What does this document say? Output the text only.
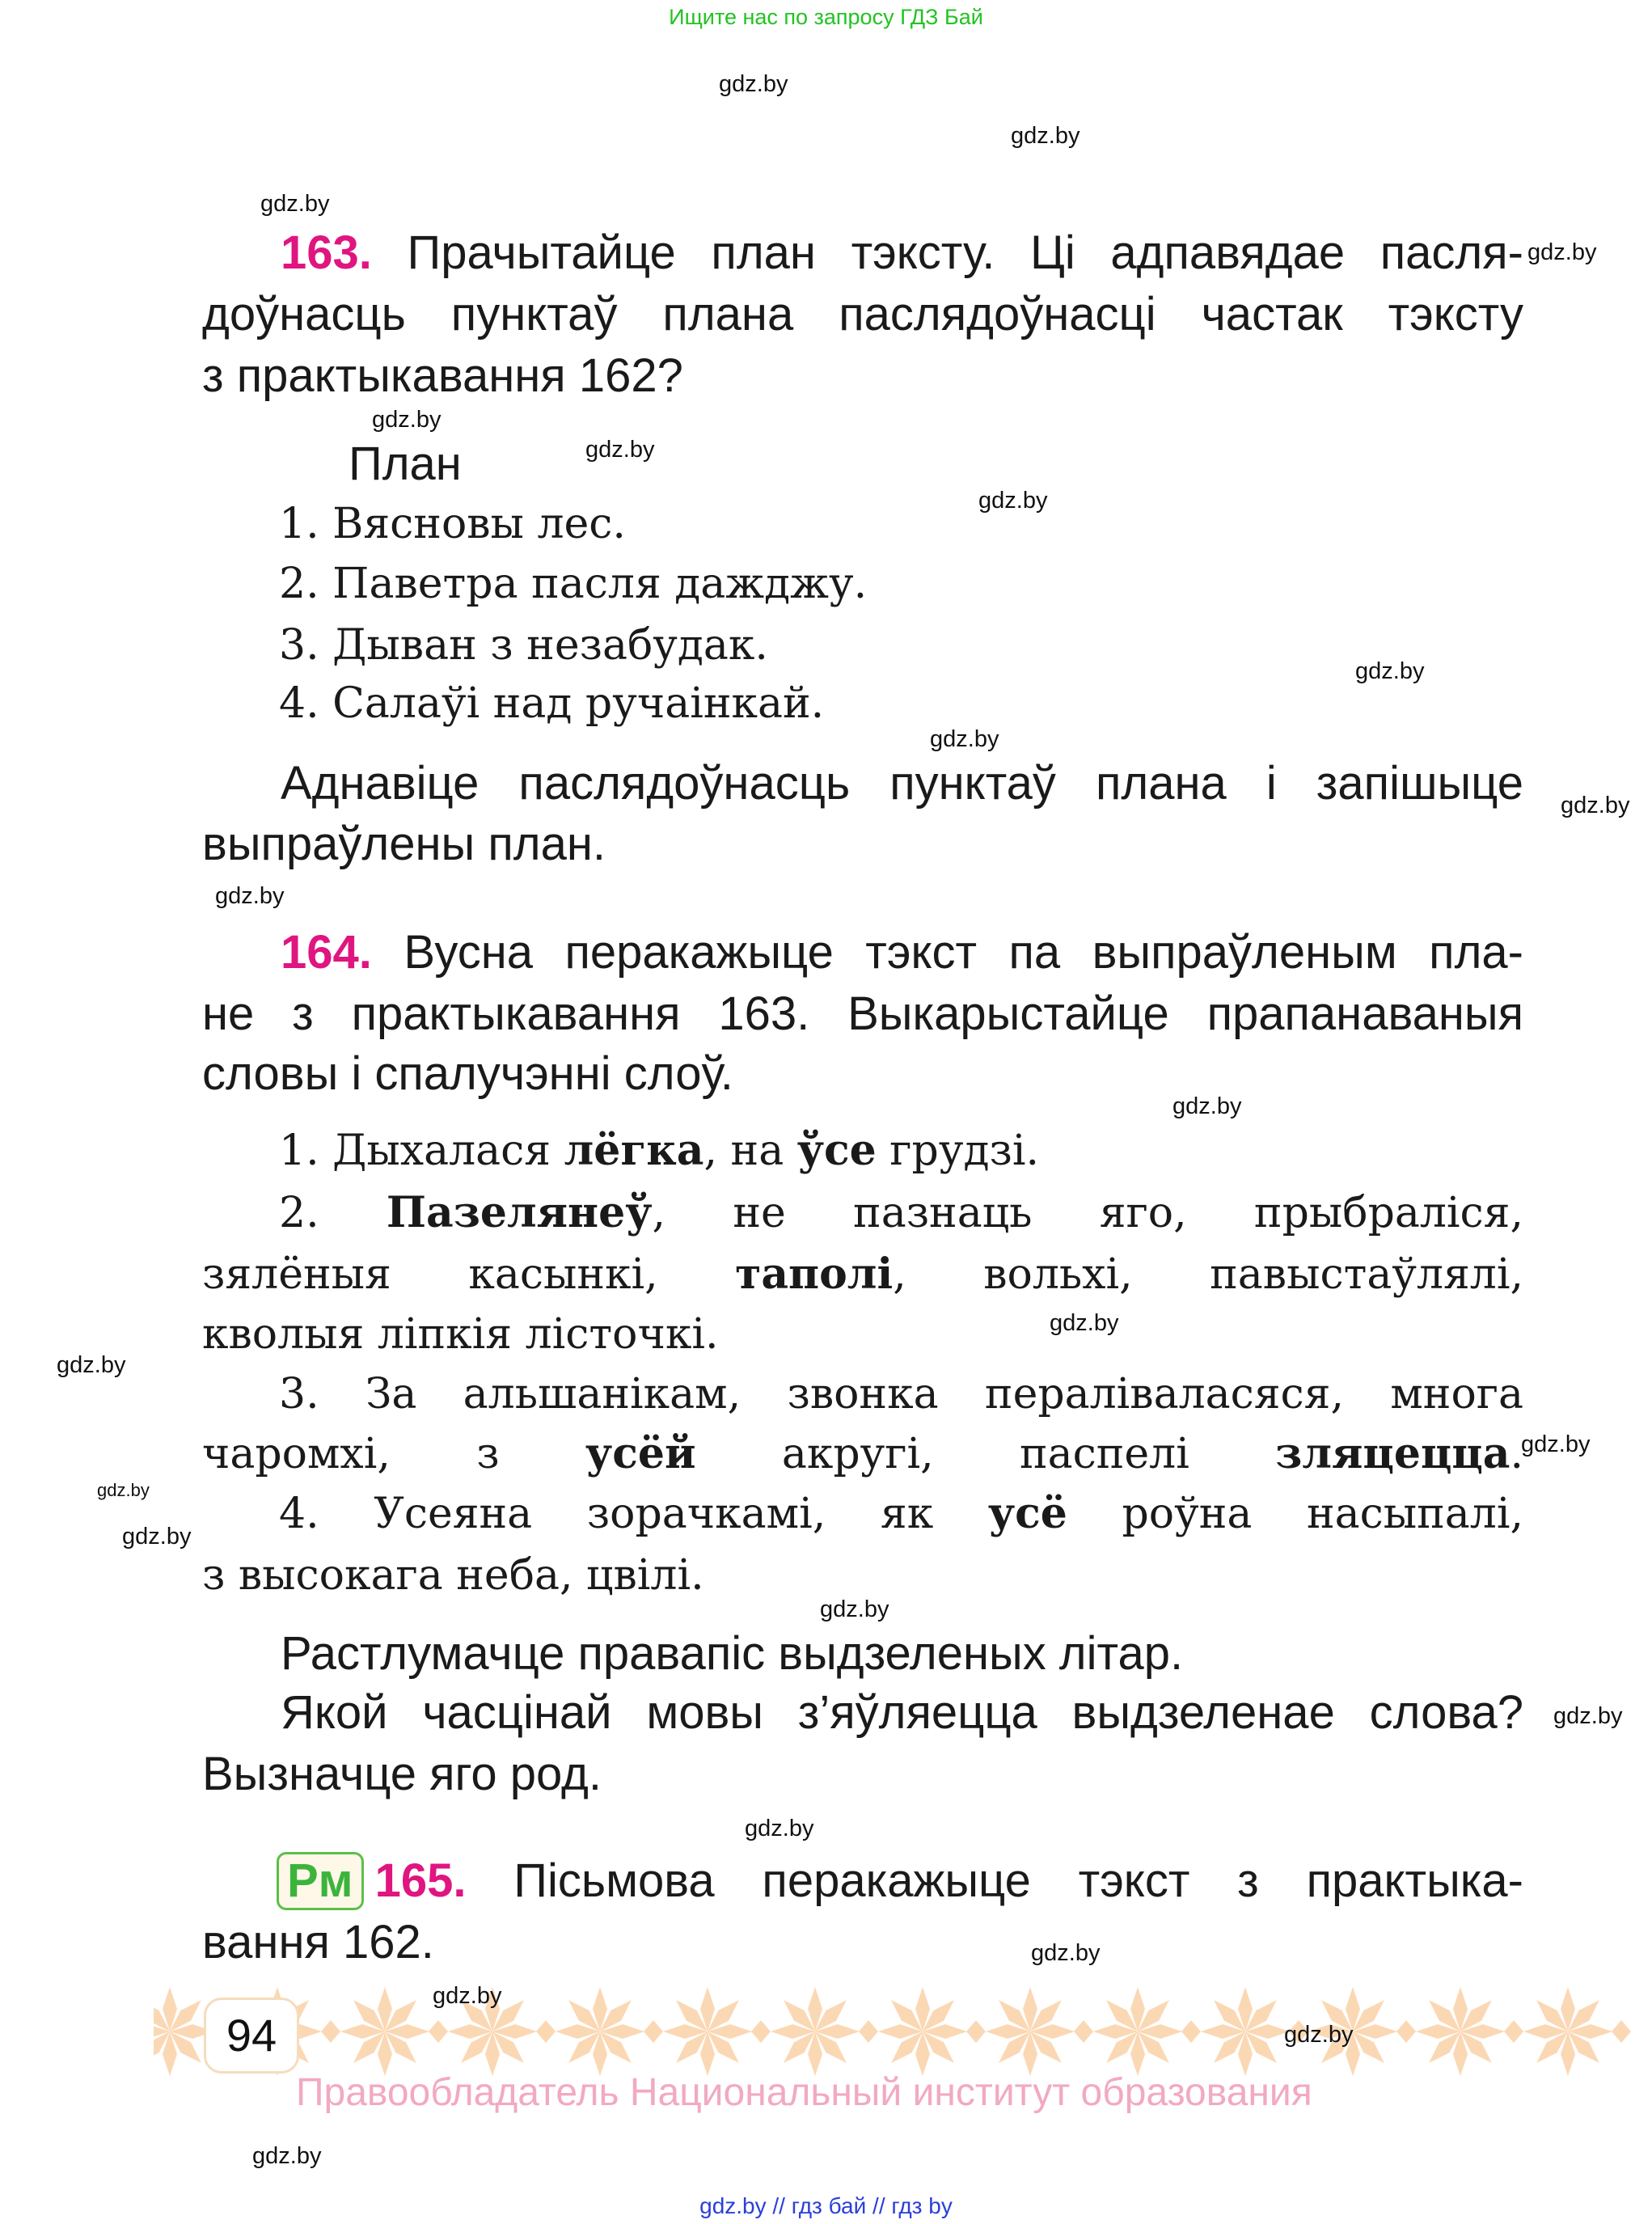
Ищите нас по запросу ГДЗ Бай
163. Прачытайце план тэксту. Ці адпавядае пасля-
доўнасць пунктаў плана паслядоўнасці частак тэксту
з практыкавання 162?
План
1. Вясновы лес.
2. Паветра пасля дажджу.
3. Дыван з незабудак.
4. Салаўі над ручаінкай.
Аднавіце паслядоўнасць пунктаў плана і запішыце
выпраўлены план.
164. Вусна перакажыце тэкст па выпраўленым пла-
не з практыкавання 163. Выкарыстайце прапанаваныя
словы і спалучэнні слоў.
1. Дыхалася лёгка, на ўсе грудзі.
2. Пазелянеў, не пазнаць яго, прыбраліся,
зялёныя касынкі, таполі, вольхі, павыстаўлялі,
кволыя ліпкія лісточкі.
3. За альшанікам, звонка пераліваласяся, многа
чаромхі, з усёй акругі, паспелі зляцецца.
4. Усеяна зорачкамі, як усё роўна насыпалі,
з высокага неба, цвілі.
Растлумачце правапіс выдзеленых літар.
Якой часцінай мовы з’яўляецца выдзеленае слова?
Вызначце яго род.
Рм 165. Пісьмова перакажыце тэкст з практыка-
вання 162.
94
Правообладатель Национальный институт образования
gdz.by // гдз бай // гдз by
gdz.by
gdz.by
gdz.by
gdz.by
gdz.by
gdz.by
gdz.by
gdz.by
gdz.by
gdz.by
gdz.by
gdz.by
gdz.by
gdz.by
gdz.by
gdz.by
gdz.by
gdz.by
gdz.by
gdz.by
gdz.by
gdz.by
gdz.by
gdz.by
